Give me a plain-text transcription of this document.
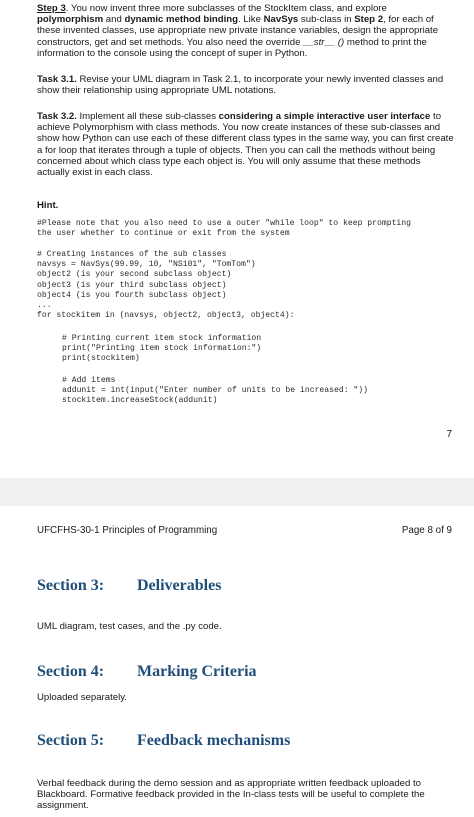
Step 3. You now invent three more subclasses of the StockItem class, and explore polymorphism and dynamic method binding. Like NavSys sub-class in Step 2, for each of these invented classes, use appropriate new private instance variables, design the appropriate constructors, get and set methods. You also need the override __str__ () method to print the information to the console using the concept of super in Python.
Task 3.1. Revise your UML diagram in Task 2.1, to incorporate your newly invented classes and show their relationship using appropriate UML notations.
Task 3.2. Implement all these sub-classes considering a simple interactive user interface to achieve Polymorphism with class methods. You now create instances of these sub-classes and show how Python can use each of these different class types in the same way, you can first create a for loop that iterates through a tuple of objects. Then you can call the methods without being concerned about which class type each object is. You will only assume that these methods actually exist in each class.
Hint.
#Please note that you also need to use a outer "while loop" to keep prompting
the user whether to continue or exit from the system
# Creating instances of the sub classes
navsys = NavSys(99.99, 10, "NS101", "TomTom")
object2 (is your second subclass object)
object3 (is your third subclass object)
object4 (is you fourth subclass object)
...
for stockitem in (navsys, object2, object3, object4):
# Printing current item stock information
print("Printing item stock information:")
print(stockitem)
# Add items
addunit = int(input("Enter number of units to be increased: "))
stockitem.increaseStock(addunit)
7
UFCFHS-30-1 Principles of Programming	Page 8 of 9
Section 3: Deliverables
UML diagram, test cases, and the .py code.
Section 4: Marking Criteria
Uploaded separately.
Section 5: Feedback mechanisms
Verbal feedback during the demo session and as appropriate written feedback uploaded to Blackboard. Formative feedback provided in the In-class tests will be useful to complete the assignment.
